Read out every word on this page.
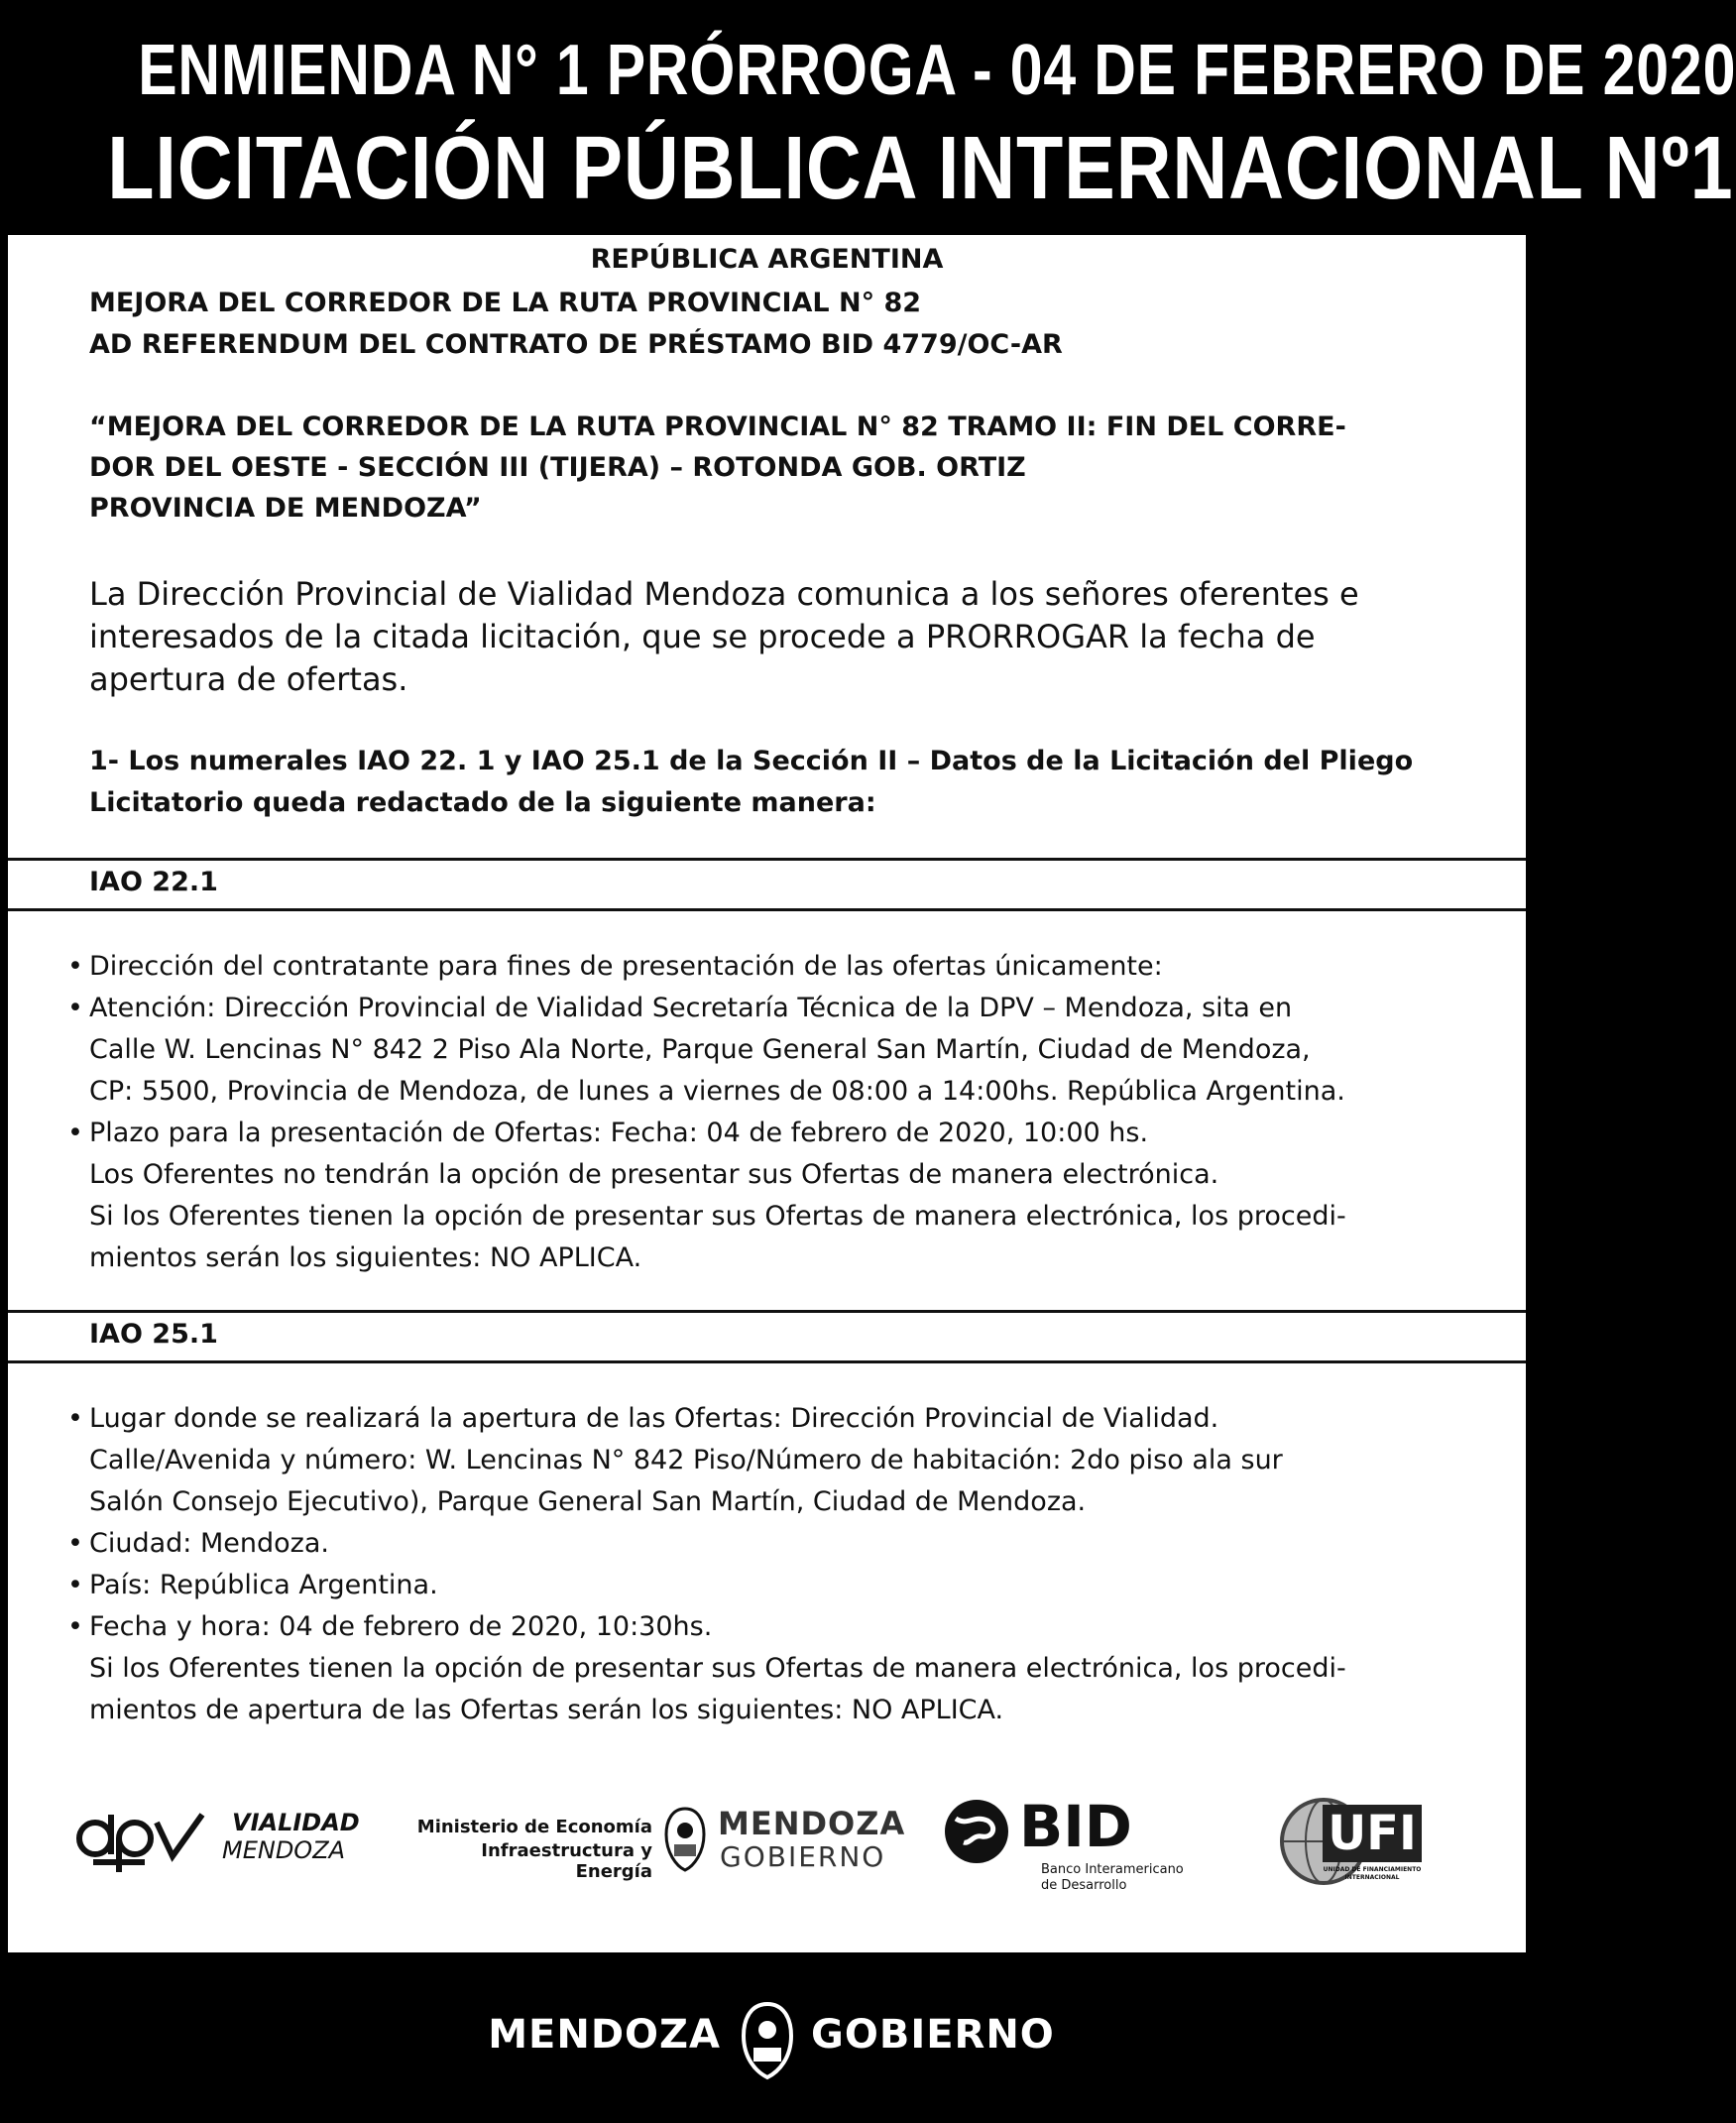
ENMIENDA N° 1 PRÓRROGA - 04 DE FEBRERO DE 2020
LICITACIÓN PÚBLICA INTERNACIONAL Nº1
REPÚBLICA ARGENTINA
MEJORA DEL CORREDOR DE LA RUTA PROVINCIAL N° 82
AD REFERENDUM DEL CONTRATO DE PRÉSTAMO BID 4779/OC-AR
“MEJORA DEL CORREDOR DE LA RUTA PROVINCIAL N° 82 TRAMO II: FIN DEL CORRE-
DOR DEL OESTE - SECCIÓN III (TIJERA) – ROTONDA GOB. ORTIZ
PROVINCIA DE MENDOZA”
La Dirección Provincial de Vialidad Mendoza comunica a los señores oferentes e
interesados de la citada licitación, que se procede a PRORROGAR la fecha de
apertura de ofertas.
1- Los numerales IAO 22. 1 y IAO 25.1 de la Sección II – Datos de la Licitación del Pliego
Licitatorio queda redactado de la siguiente manera:
IAO 22.1
• Dirección del contratante para fines de presentación de las ofertas únicamente:
• Atención: Dirección Provincial de Vialidad Secretaría Técnica de la DPV – Mendoza, sita en
Calle W. Lencinas N° 842 2 Piso Ala Norte, Parque General San Martín, Ciudad de Mendoza,
CP: 5500, Provincia de Mendoza, de lunes a viernes de 08:00 a 14:00hs. República Argentina.
• Plazo para la presentación de Ofertas: Fecha: 04 de febrero de 2020, 10:00 hs.
Los Oferentes no tendrán la opción de presentar sus Ofertas de manera electrónica.
Si los Oferentes tienen la opción de presentar sus Ofertas de manera electrónica, los procedi-
mientos serán los siguientes: NO APLICA.
IAO 25.1
• Lugar donde se realizará la apertura de las Ofertas: Dirección Provincial de Vialidad.
Calle/Avenida y número: W. Lencinas N° 842 Piso/Número de habitación: 2do piso ala sur
Salón Consejo Ejecutivo), Parque General San Martín, Ciudad de Mendoza.
• Ciudad: Mendoza.
• País: República Argentina.
• Fecha y hora: 04 de febrero de 2020, 10:30hs.
Si los Oferentes tienen la opción de presentar sus Ofertas de manera electrónica, los procedi-
mientos de apertura de las Ofertas serán los siguientes: NO APLICA.
VIALIDAD
MENDOZA
Ministerio de Economía
Infraestructura y Energía
MENDOZA
GOBIERNO BID
Banco Interamericano
de Desarrollo
UFI
UNIDAD DE FINANCIAMIENTO
INTERNACIONAL
MENDOZA GOBIERNO
